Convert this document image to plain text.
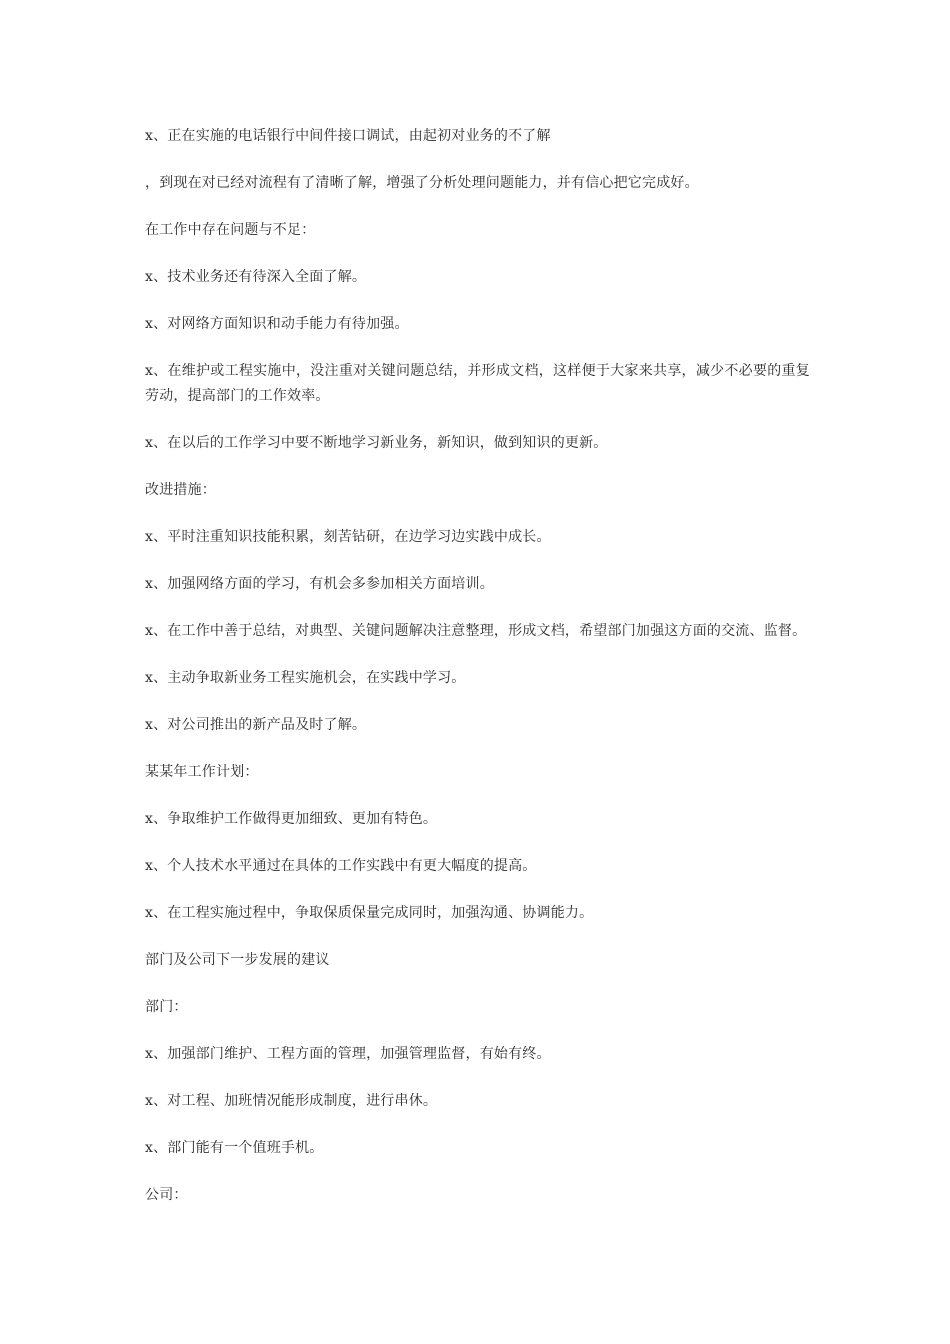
x、正在实施的电话银行中间件接口调试，由起初对业务的不了解

，到现在对已经对流程有了清晰了解，增强了分析处理问题能力，并有信心把它完成好。

在工作中存在问题与不足：

x、技术业务还有待深入全面了解。

x、对网络方面知识和动手能力有待加强。

x、在维护或工程实施中，没注重对关键问题总结，并形成文档，这样便于大家来共享，减少不必要的重复劳动，提高部门的工作效率。

x、在以后的工作学习中要不断地学习新业务，新知识，做到知识的更新。

改进措施：

x、平时注重知识技能积累，刻苦钻研，在边学习边实践中成长。

x、加强网络方面的学习，有机会多参加相关方面培训。

x、在工作中善于总结，对典型、关键问题解决注意整理，形成文档，希望部门加强这方面的交流、监督。

x、主动争取新业务工程实施机会，在实践中学习。

x、对公司推出的新产品及时了解。

某某年工作计划：

x、争取维护工作做得更加细致、更加有特色。

x、个人技术水平通过在具体的工作实践中有更大幅度的提高。

x、在工程实施过程中，争取保质保量完成同时，加强沟通、协调能力。

部门及公司下一步发展的建议

部门：

x、加强部门维护、工程方面的管理，加强管理监督，有始有终。

x、对工程、加班情况能形成制度，进行串休。

x、部门能有一个值班手机。

公司：
